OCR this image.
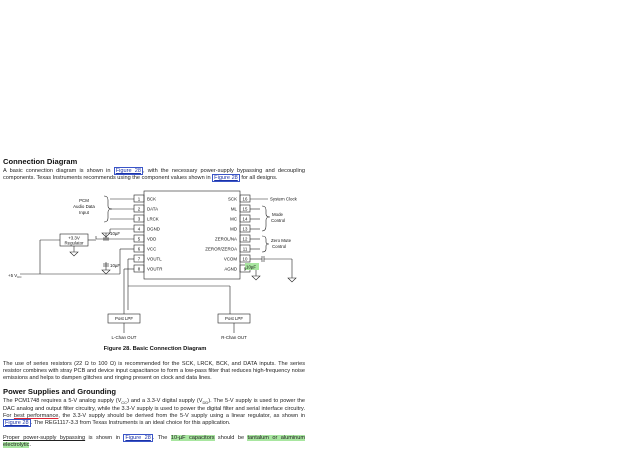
Connection Diagram
A basic connection diagram is shown in Figure 28 , with the necessary power-supply bypassing and decoupling components. Texas Instruments recommends using the component values shown in Figure 28 for all designs.
1
2
3
4
5
6
7
8
BCK
DATA
LRCK
DGND
VDD
VCC
VOUTL
VOUTR
16
15
14
13
12
11
10
9
SCK
ML
MC
MD
ZEROL/NA
ZEROR/ZEROA
VCOM
AGND
PCM
Audio Data
Input
+3.3V
Regulator
+5 $V_{CC}$
10µF
10µF	10µF
System Clock
Mode
Control
Zero Mute
Control
Post LPF	Post LPF
L-Chan OUT	R-Chan OUT
Figure 28. Basic Connection Diagram
The use of series resistors (22 Ω to 100 Ω) is recommended for the SCK, LRCK, BCK, and DATA inputs. The series resistor combines with stray PCB and device input capacitance to form a low-pass filter that reduces high-frequency noise emissions and helps to dampen glitches and ringing present on clock and data lines.
Power Supplies and Grounding
The PCM1748 requires a 5-V analog supply $(V_{CC})$ and a 3.3-V digital supply $(V_{DD})$. The 5-V supply is used to power the DAC analog and output filter circuitry, while the 3.3-V supply is used to power the digital filter and serial interface circuitry. For best performance, the 3.3-V supply should be derived from the 5-V supply using a linear regulator, as shown in Figure 28 . The REG1117-3.3 from Texas Instruments is an ideal choice for this application.
Proper power-supply bypassing is shown in Figure 28 . The 10-µF capacitors should be tantalum or aluminum electrolytic.
